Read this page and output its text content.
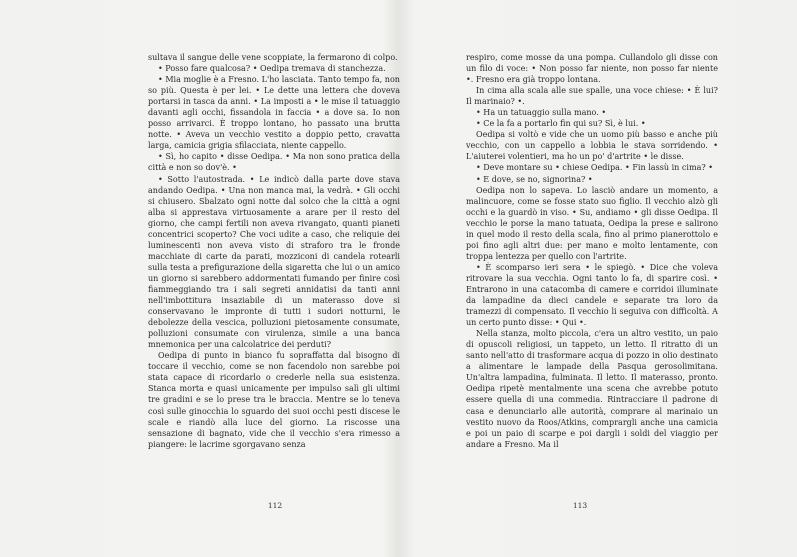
sultava il sangue delle vene scoppiate, la fermarono di colpo.

• Posso fare qualcosa? • Oedipa tremava di stanchezza.

• Mia moglie è a Fresno. L'ho lasciata. Tanto tempo fa, non so più. Questa è per lei. • Le dette una lettera che doveva portarsi in tasca da anni. • La imposti a • le mise il tatuaggio davanti agli occhi, fissandola in faccia • a dove sa. Io non posso arrivarci. È troppo lontano, ho passato una brutta notte. • Aveva un vecchio vestito a doppio petto, cravatta larga, camicia grigia sfilacciata, niente cappello.

• Sì, ho capito • disse Oedipa. • Ma non sono pratica della città e non so dov'è. •

• Sotto l'autostrada. • Le indicò dalla parte dove stava andando Oedipa. • Una non manca mai, la vedrà. • Gli occhi si chiusero. Sbalzato ogni notte dal solco che la città a ogni alba si apprestava virtuosamente a arare per il resto del giorno, che campi fertili non aveva rivangato, quanti pianeti concentrici scoperto? Che voci udite a caso, che reliquie dei luminescenti non aveva visto di straforo tra le fronde macchiate di carte da parati, mozziconi di candela rotearli sulla testa a prefigurazione della sigaretta che lui o un amico un giorno si sarebbero addormentati fumando per finire così fiammeggiando tra i sali segreti annidatisi da tanti anni nell'imbottitura insaziabile di un materasso dove si conservavano le impronte di tutti i sudori notturni, le debolezze della vescica, polluzioni pietosamente consumate, polluzioni consumate con virulenza, simile a una banca mnemonica per una calcolatrice dei perduti?

Oedipa di punto in bianco fu sopraffatta dal bisogno di toccare il vecchio, come se non facendolo non sarebbe poi stata capace di ricordarlo o crederle nella sua esistenza. Stanca morta e quasi unicamente per impulso salì gli ultimi tre gradini e se lo prese tra le braccia. Mentre se lo teneva così sulle ginocchia lo sguardo dei suoi occhi pesti discese le scale e riandò alla luce del giorno. La riscosse una sensazione di bagnato, vide che il vecchio s'era rimesso a piangere: le lacrime sgorgavano senza

112

respiro, come mosse da una pompa. Cullandolo gli disse con un filo di voce: • Non posso far niente, non posso far niente •. Fresno era già troppo lontana.

In cima alla scala alle sue spalle, una voce chiese: • È lui? Il marinaio? •.

• Ha un tatuaggio sulla mano. •

• Ce la fa a portarlo fin qui su? Sì, è lui. •

Oedipa si voltò e vide che un uomo più basso e anche più vecchio, con un cappello a lobbia le stava sorridendo. • L'aiuterei volentieri, ma ho un po' d'artrite • le disse.

• Deve montare su • chiese Oedipa. • Fin lassù in cima? •

• E dove, se no, signorina? •

Oedipa non lo sapeva. Lo lasciò andare un momento, a malincuore, come se fosse stato suo figlio. Il vecchio alzò gli occhi e la guardò in viso. • Su, andiamo • gli disse Oedipa. Il vecchio le porse la mano tatuata, Oedipa la prese e salirono in quel modo il resto della scala, fino al primo pianerottolo e poi fino agli altri due: per mano e molto lentamente, con troppa lentezza per quello con l'artrite.

• È scomparso ieri sera • le spiegò. • Dice che voleva ritrovare la sua vecchia. Ogni tanto lo fa, di sparire così. • Entrarono in una catacomba di camere e corridoi illuminate da lampadine da dieci candele e separate tra loro da tramezzi di compensato. Il vecchio li seguiva con difficoltà. A un certo punto disse: • Qui •.

Nella stanza, molto piccola, c'era un altro vestito, un paio di opuscoli religiosi, un tappeto, un letto. Il ritratto di un santo nell'atto di trasformare acqua di pozzo in olio destinato a alimentare le lampade della Pasqua gerosolimitana. Un'altra lampadina, fulminata. Il letto. Il materasso, pronto. Oedipa ripetè mentalmente una scena che avrebbe potuto essere quella di una commedia. Rintracciare il padrone di casa e denunciarlo alle autorità, comprare al marinaio un vestito nuovo da Roos/Atkins, comprargli anche una camicia e poi un paio di scarpe e poi dargli i soldi del viaggio per andare a Fresno. Ma il

113
